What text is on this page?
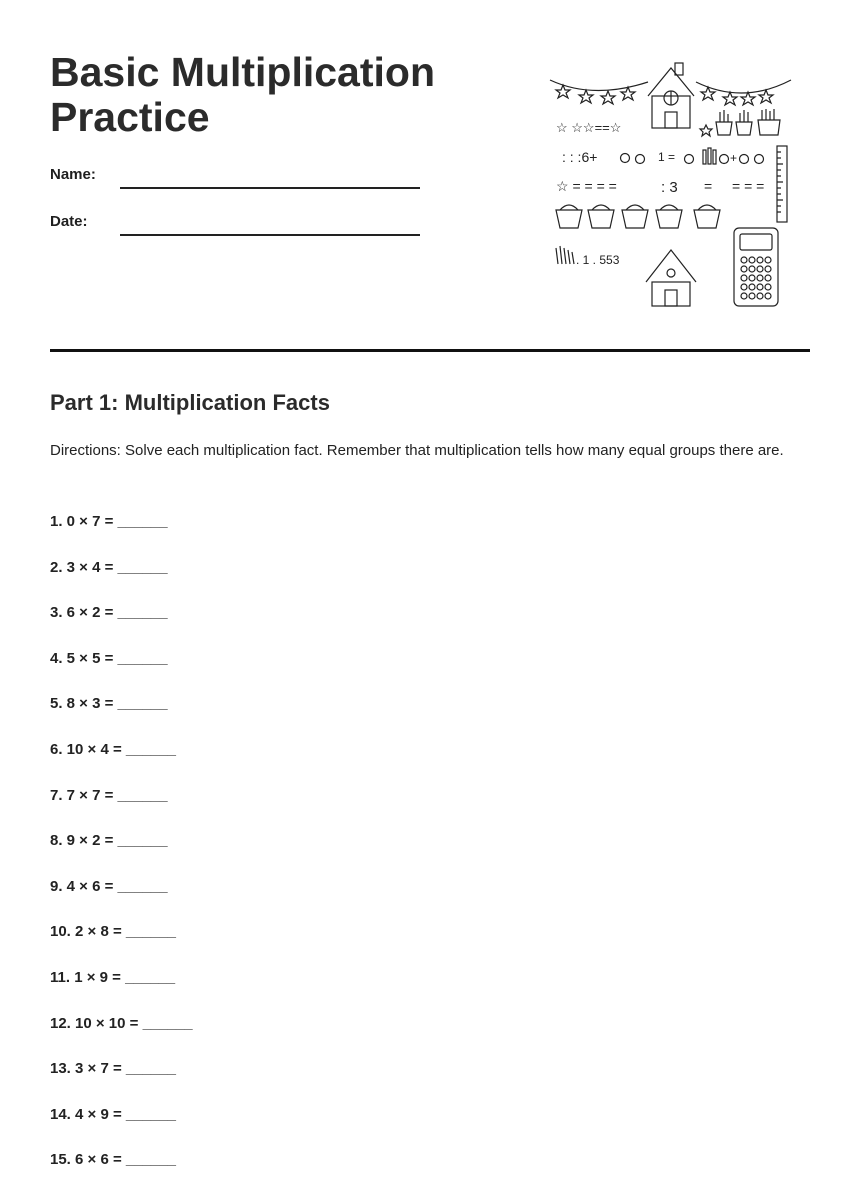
Basic Multiplication Practice
Name:
Date:
☆ ☆☆==☆
: : :6+	1 =	+
☆ = = = =	: 3 = = = =
. 1 . 553
Part 1: Multiplication Facts

Directions: Solve each multiplication fact. Remember that multiplication tells how many equal groups there are.

1. 0 × 7 = ______
2. 3 × 4 = ______
3. 6 × 2 = ______
4. 5 × 5 = ______
5. 8 × 3 = ______
6. 10 × 4 = ______
7. 7 × 7 = ______
8. 9 × 2 = ______
9. 4 × 6 = ______
10. 2 × 8 = ______
11. 1 × 9 = ______
12. 10 × 10 = ______
13. 3 × 7 = ______
14. 4 × 9 = ______
15. 6 × 6 = ______
